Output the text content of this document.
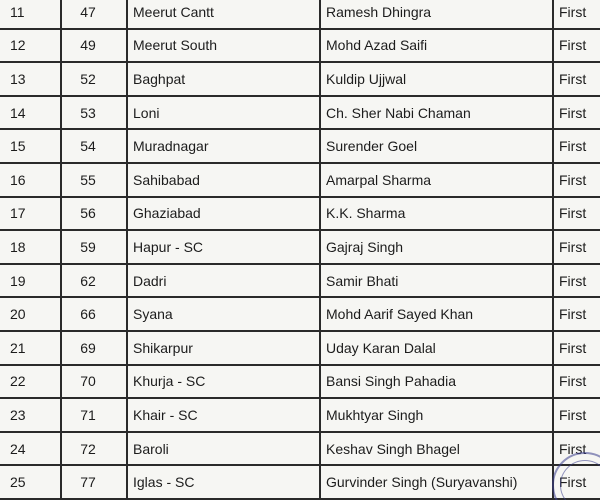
11	47	Meerut Cantt	Ramesh Dhingra	First
12	49	Meerut South	Mohd Azad Saifi	First
13	52	Baghpat	Kuldip Ujjwal	First
14	53	Loni	Ch. Sher Nabi Chaman	First
15	54	Muradnagar	Surender Goel	First
16	55	Sahibabad	Amarpal Sharma	First
17	56	Ghaziabad	K.K. Sharma	First
18	59	Hapur - SC	Gajraj Singh	First
19	62	Dadri	Samir Bhati	First
20	66	Syana	Mohd Aarif Sayed Khan	First
21	69	Shikarpur	Uday Karan Dalal	First
22	70	Khurja - SC	Bansi Singh Pahadia	First
23	71	Khair - SC	Mukhtyar Singh	First
24	72	Baroli	Keshav Singh Bhagel	First
25	77	Iglas - SC	Gurvinder Singh (Suryavanshi)	First
